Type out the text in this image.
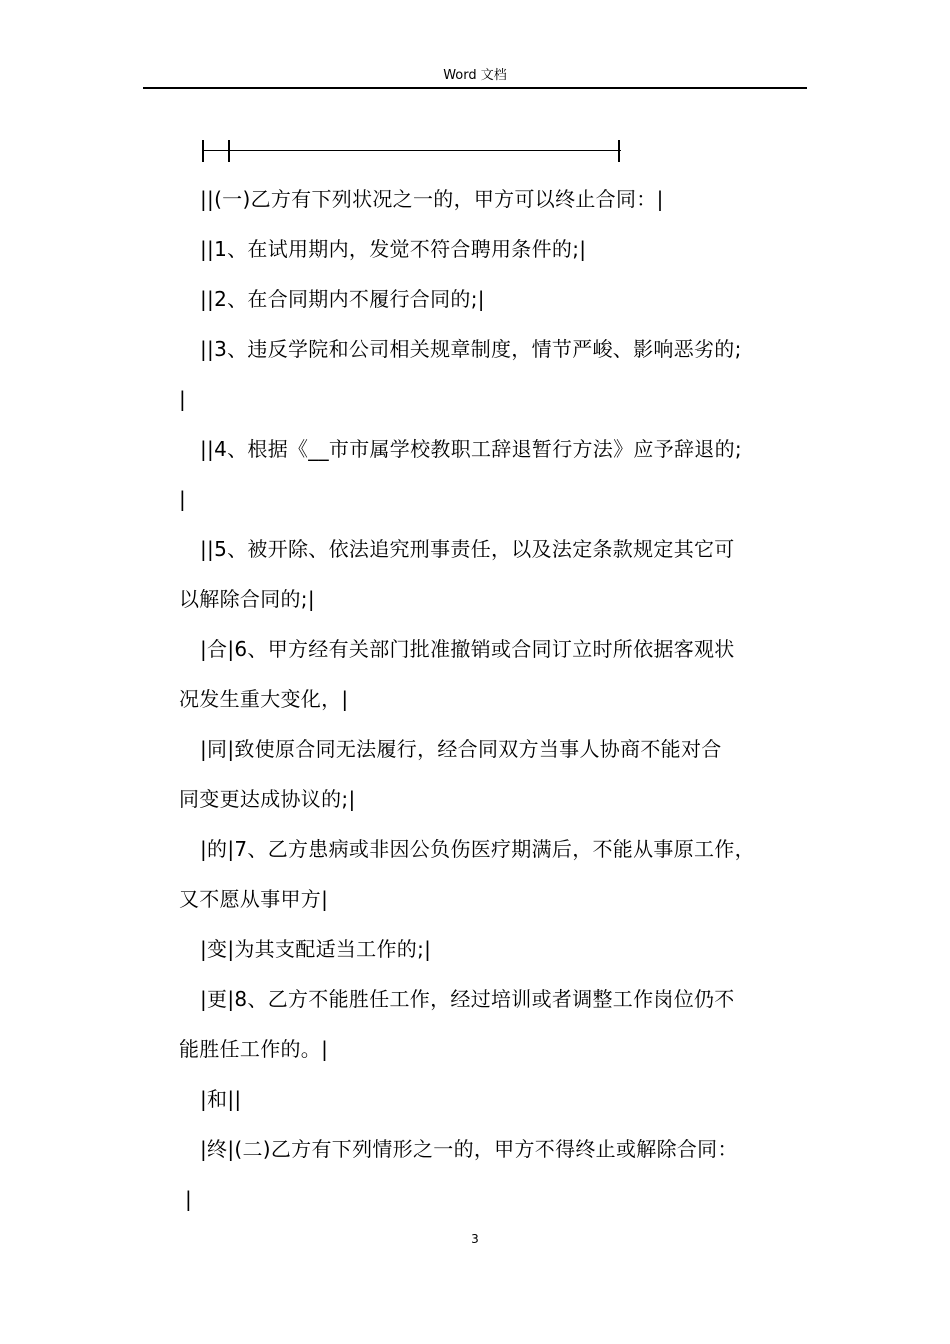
Word 文档
||(一)乙方有下列状况之一的，甲方可以终止合同：|
||1、在试用期内，发觉不符合聘用条件的;|
||2、在合同期内不履行合同的;|
||3、违反学院和公司相关规章制度，情节严峻、影响恶劣的;
|
||4、根据《__市市属学校教职工辞退暂行方法》应予辞退的;
|
||5、被开除、依法追究刑事责任，以及法定条款规定其它可
以解除合同的;|
|合|6、甲方经有关部门批准撤销或合同订立时所依据客观状
况发生重大变化，|
|同|致使原合同无法履行，经合同双方当事人协商不能对合
同变更达成协议的;|
|的|7、乙方患病或非因公负伤医疗期满后，不能从事原工作，
又不愿从事甲方|
|变|为其支配适当工作的;|
|更|8、乙方不能胜任工作，经过培训或者调整工作岗位仍不
能胜任工作的。|
|和||
|终|(二)乙方有下列情形之一的，甲方不得终止或解除合同：
|
3
